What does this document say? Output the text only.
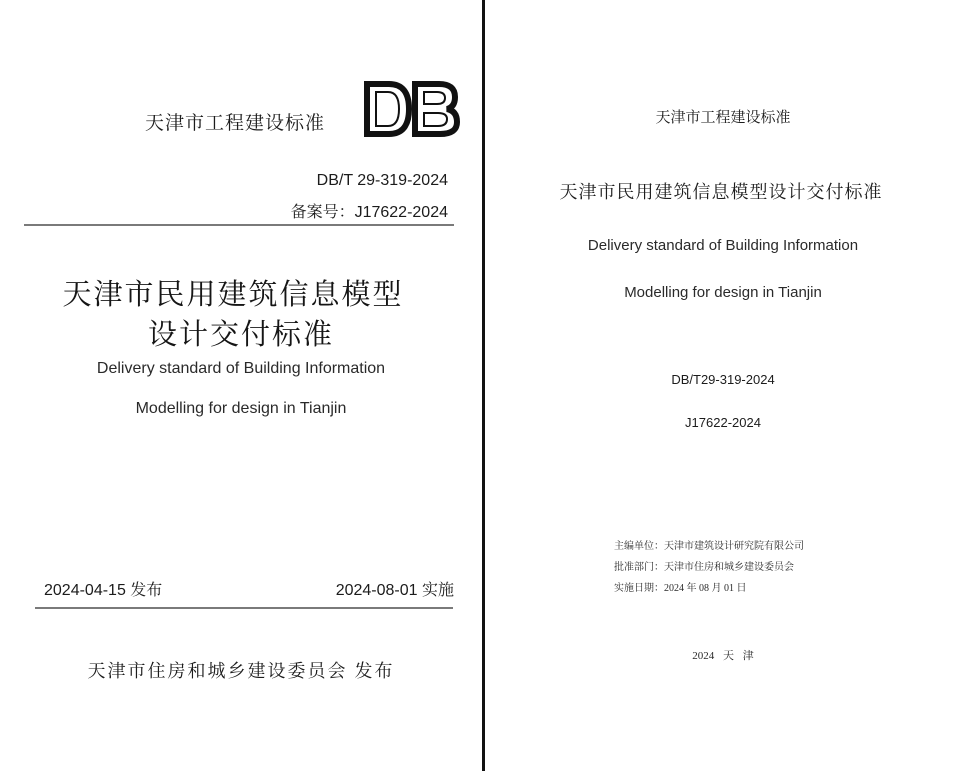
天津市工程建设标准
DB/T 29-319-2024
备案号：J17622-2024
天津市民用建筑信息模型
设计交付标准
Delivery standard of Building Information
Modelling for design in Tianjin
2024-04-15 发布	2024-08-01 实施
天津市住房和城乡建设委员会 发布
天津市工程建设标准
天津市民用建筑信息模型设计交付标准
Delivery standard of Building Information
Modelling for design in Tianjin
DB/T29-319-2024
J17622-2024
主编单位：天津市建筑设计研究院有限公司
批准部门：天津市住房和城乡建设委员会
实施日期：2024 年 08 月 01 日
2024 天 津
